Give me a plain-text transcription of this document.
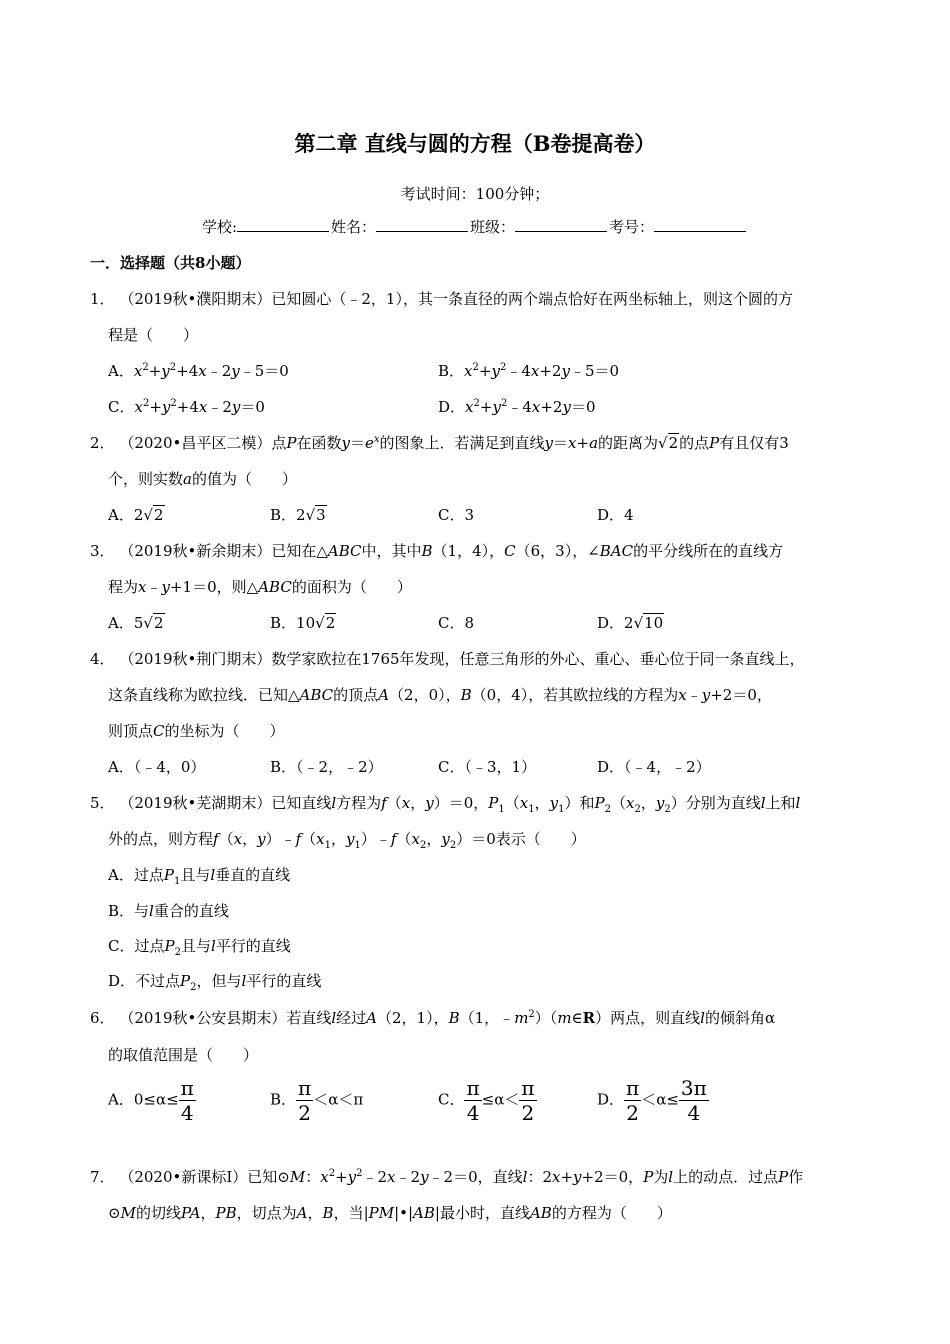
第二章 直线与圆的方程（B卷提高卷）
考试时间：100分钟；
学校:	姓名：	班级：	考号：
一．选择题（共8小题）
1． （2019秋•濮阳期末）已知圆心（﹣2，1），其一条直径的两个端点恰好在两坐标轴上，则这个圆的方
程是（　　）
A．$x^2+y^2+4x﹣2y﹣5=0$	B．$x^2+y^2﹣4x+2y﹣5=0$
C．$x^2+y^2+4x﹣2y=0$	D．$x^2+y^2﹣4x+2y=0$
2． （2020•昌平区二模）点P在函数$y=e^x$的图象上．若满足到直线y＝x+a的距离为√2的点P有且仅有3
个，则实数a的值为（　　）
A．2√2	B．2√3	C．3	D．4
3． （2019秋•新余期末）已知在△ABC中，其中B（1，4），C（6，3），∠BAC的平分线所在的直线方
程为x﹣y+1＝0，则△ABC的面积为（　　）
A．5√2	B．10√2	C．8	D．2√10
4． （2019秋•荆门期末）数学家欧拉在1765年发现，任意三角形的外心、重心、垂心位于同一条直线上，
这条直线称为欧拉线．已知△ABC的顶点A（2，0），B（0，4），若其欧拉线的方程为x﹣y+2＝0，
则顶点C的坐标为（　　）
A．（﹣4，0）	B．（﹣2，﹣2）	C．（﹣3，1）	D．（﹣4，﹣2）
5． （2019秋•芜湖期末）已知直线l方程为f（x，y）＝0，$P_1(x_1$，$y_1$）和$P_2(x_2$，$y_2$）分别为直线l上和l
外的点，则方程f（x，$y)﹣f(x_1$，$y_1)﹣f(x_2$，$y_2)=0$表示（　　）
A．过点$P_1$且与l垂直的直线
B．与l重合的直线
C．过点$P_2$且与l平行的直线
D．不过点$P_2$，但与l平行的直线
6． （2019秋•公安县期末）若直线l经过A（2，1），B（1，$﹣m^2)(m\in R)$两点，则直线l的倾斜角α
的取值范围是（　　）
A．$0\le\alpha\le \frac{\pi}{4}$	B． $\frac{\pi}{2} <\alpha<\pi$	C． $\frac{\pi}{4} \le\alpha< \frac{\pi}{2}$	D． $\frac{\pi}{2} <\alpha\le \frac{3\pi}{4}$
7． （2020•新课标Ⅰ）已知⊙M：$x^2+y^2﹣2x﹣2y﹣2=0$，直线l：2x+y+2＝0，P为l上的动点．过点P作
⊙M的切线PA，PB，切点为A，B，当|PM|•|AB|最小时，直线AB的方程为（　　）
